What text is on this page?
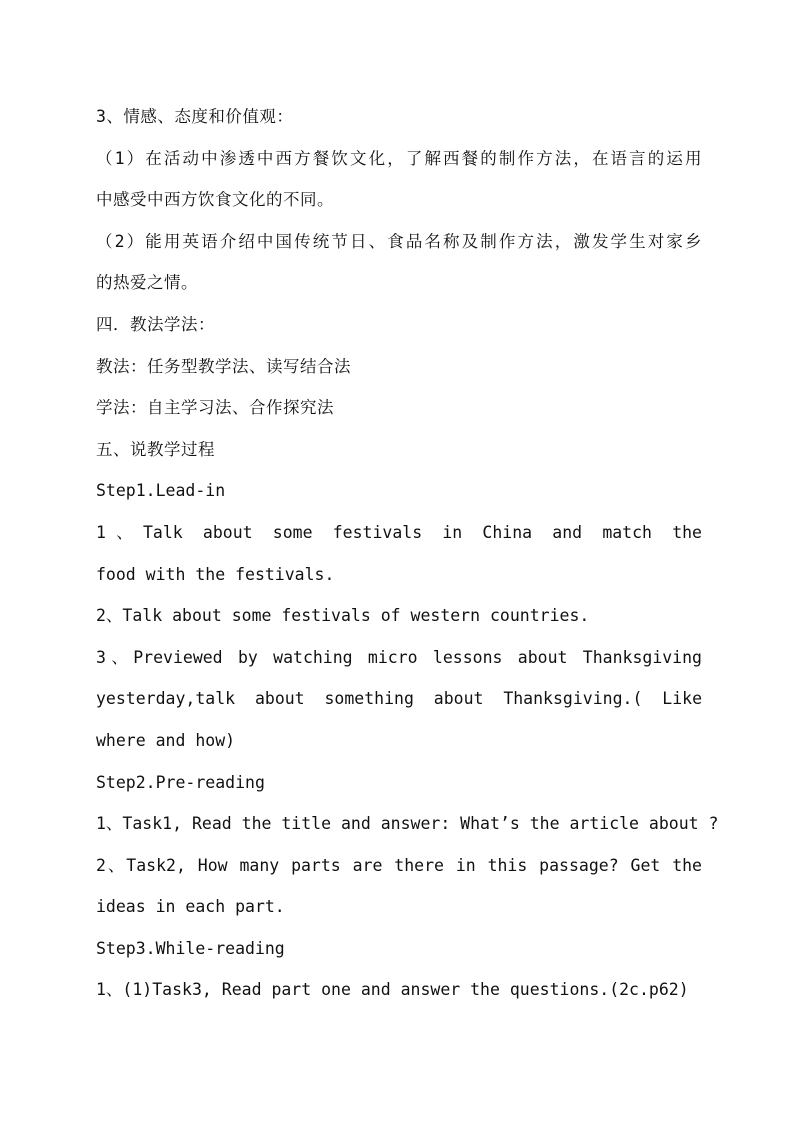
3、情感、态度和价值观：
（1）在活动中渗透中西方餐饮文化，了解西餐的制作方法，在语言的运用
中感受中西方饮食文化的不同。
（2）能用英语介绍中国传统节日、食品名称及制作方法，激发学生对家乡
的热爱之情。
四．教法学法：
教法：任务型教学法、读写结合法
学法：自主学习法、合作探究法
五、说教学过程
Step1.Lead-in
1、Talk about some festivals in China and match the
food with the festivals.
2、Talk about some festivals of western countries.
3、Previewed by watching micro lessons about Thanksgiving
yesterday,talk about something about Thanksgiving.( Like
where and how)
Step2.Pre-reading
1、Task1, Read the title and answer: What’s the article about ?
2、Task2, How many parts are there in this passage? Get the
ideas in each part.
Step3.While-reading
1、(1)Task3, Read part one and answer the questions.(2c.p62)
